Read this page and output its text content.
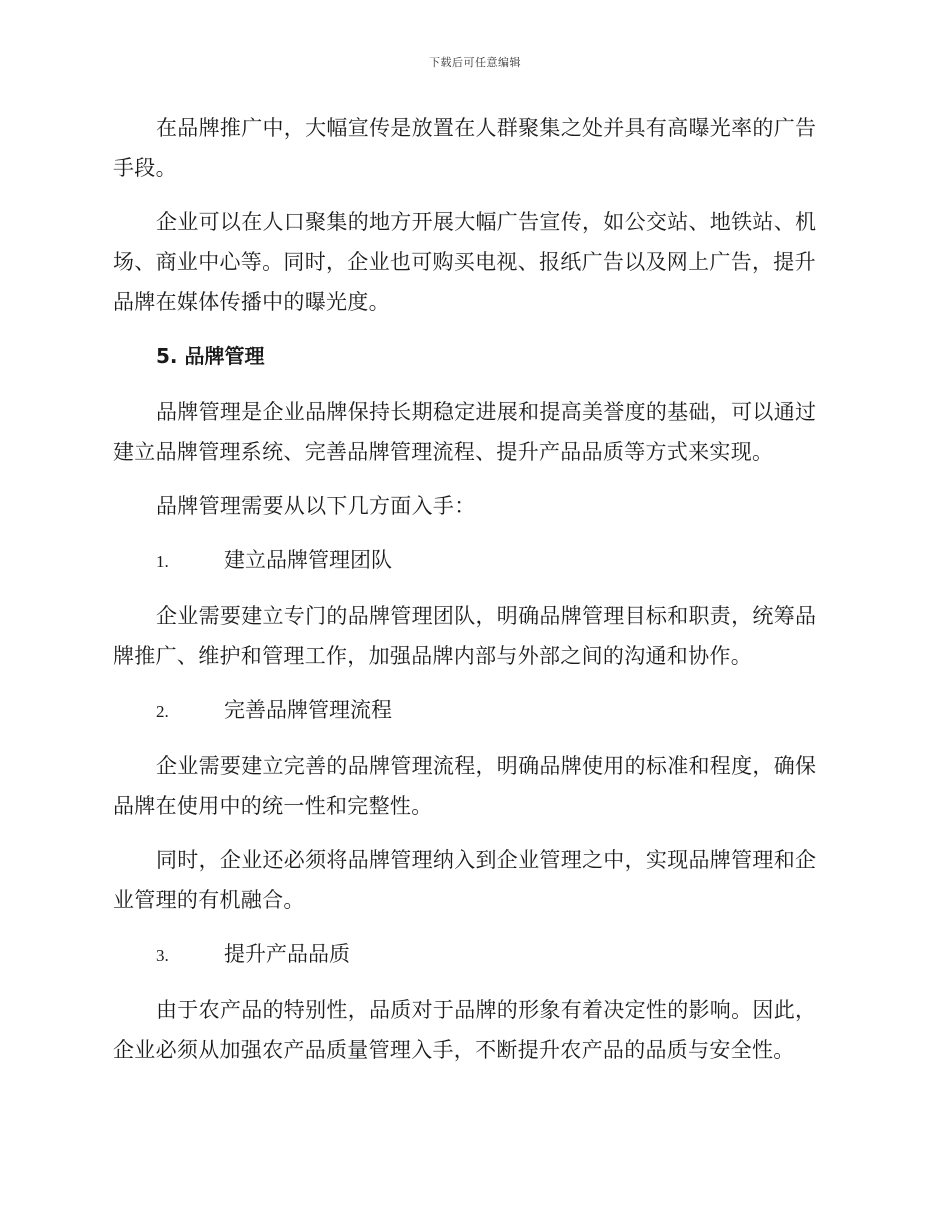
下载后可任意编辑

在品牌推广中，大幅宣传是放置在人群聚集之处并具有高曝光率的广告手段。

企业可以在人口聚集的地方开展大幅广告宣传，如公交站、地铁站、机场、商业中心等。同时，企业也可购买电视、报纸广告以及网上广告，提升品牌在媒体传播中的曝光度。

5. 品牌管理

品牌管理是企业品牌保持长期稳定进展和提高美誉度的基础，可以通过建立品牌管理系统、完善品牌管理流程、提升产品品质等方式来实现。

品牌管理需要从以下几方面入手：

1.	建立品牌管理团队

企业需要建立专门的品牌管理团队，明确品牌管理目标和职责，统筹品牌推广、维护和管理工作，加强品牌内部与外部之间的沟通和协作。

2.	完善品牌管理流程

企业需要建立完善的品牌管理流程，明确品牌使用的标准和程度，确保品牌在使用中的统一性和完整性。

同时，企业还必须将品牌管理纳入到企业管理之中，实现品牌管理和企业管理的有机融合。

3.	提升产品品质

由于农产品的特别性，品质对于品牌的形象有着决定性的影响。因此，企业必须从加强农产品质量管理入手，不断提升农产品的品质与安全性。
